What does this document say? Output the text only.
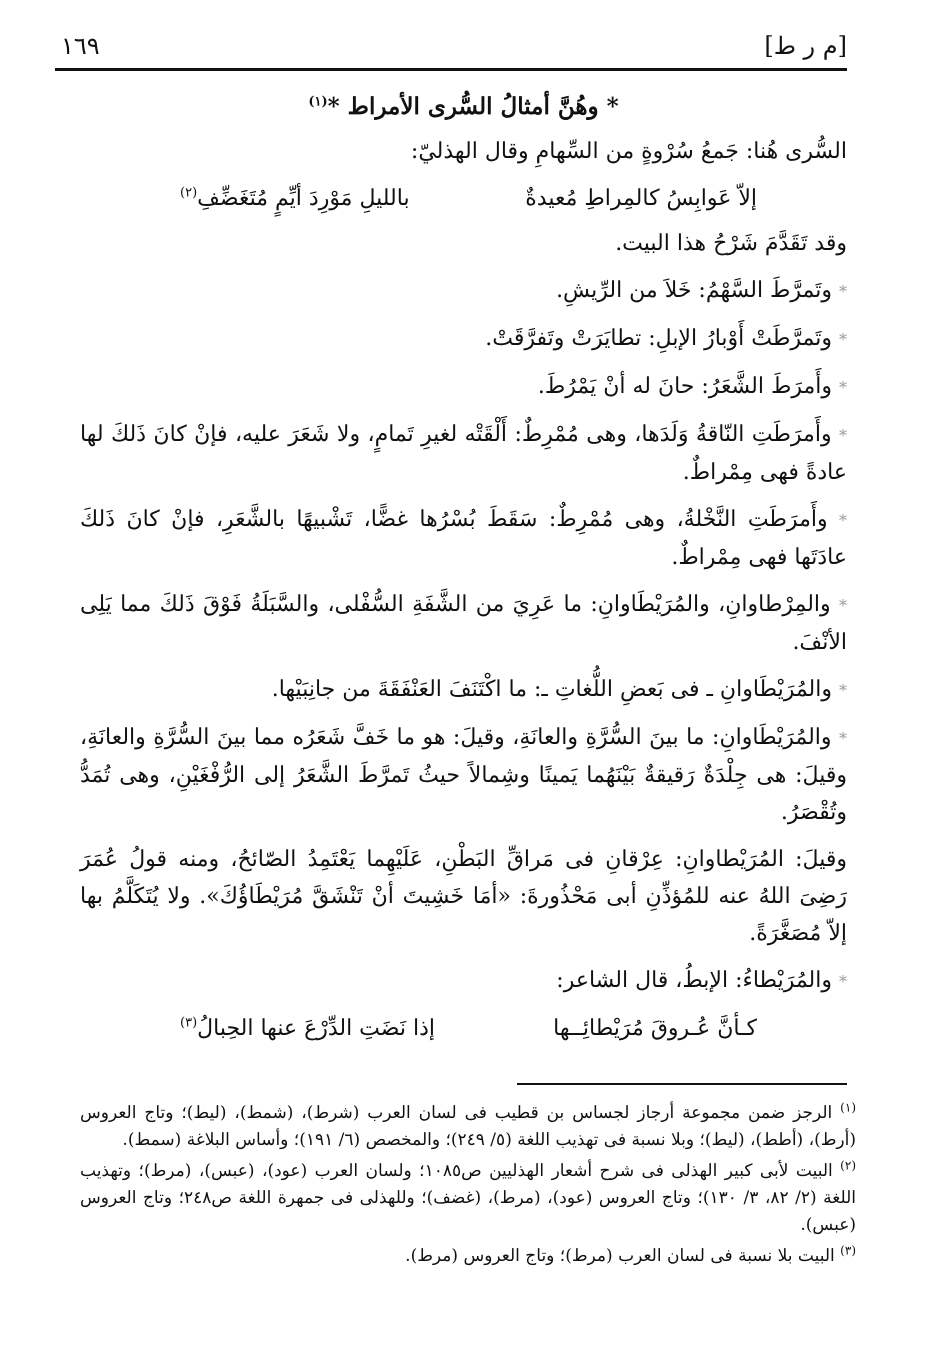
١٦٩	[م ر ط]
* وهُنَّ أمثالُ السُّرى الأمراط *$^{(١)}$
السُّرى هُنا: جَمعُ سُرْوةٍ من السِّهامِ وقال الهذليّ:
إلاّ عَوابِسُ كالمِراطِ مُعيدةٌ
بالليلِ مَوْرِدَ أيِّمٍ مُتَغَضِّفِ$^{(٢)}$
وقد تَقَدَّمَ شَرْحُ هذا البيت.
* وتَمرَّطَ السَّهْمُ: خَلاَ من الرِّيشِ.
* وتَمرَّطَتْ أَوْبارُ الإبلِ: تطايَرَتْ وتَفرَّقَتْ.
* وأَمرَطَ الشَّعَرُ: حانَ له أنْ يَمْرُطَ.
* وأَمرَطَتِ النّاقةُ وَلَدَها، وهى مُمْرِطٌ: أَلْقَتْه لغيرِ تَمامٍ، ولا شَعَرَ عليه، فإنْ كانَ ذَلكَ لها عادةً فهى مِمْراطٌ.
* وأَمرَطَتِ النَّخْلةُ، وهى مُمْرِطٌ: سَقَطَ بُسْرُها غضًّا، تَشْبيهًا بالشَّعَرِ، فإنْ كانَ ذَلكَ عادَتَها فهى مِمْراطٌ.
* والمِرْطاوانِ، والمُرَيْطَاوانِ: ما عَرِيَ من الشَّفَةِ السُّفْلى، والسَّبَلَةُ فَوْقَ ذَلكَ مما يَلِى الأنْفَ.
* والمُرَيْطَاوانِ ـ فى بَعضِ اللُّغاتِ ـ: ما اكْتَنَفَ العَنْفَقَةَ من جانِبَيْها.
* والمُرَيْطَاوانِ: ما بينَ السُّرَّةِ والعانَةِ، وقيلَ: هو ما خَفَّ شَعَرُه مما بينَ السُّرَّةِ والعانَةِ، وقيلَ: هى جِلْدَةٌ رَقيقةٌ بَيْنَهُما يَمينًا وشِمالاً حيثُ تَمرَّطَ الشَّعَرُ إلى الرُّفْغَيْنِ، وهى تُمَدُّ وتُقْصَرُ.
وقيلَ: المُرَيْطاوانِ: عِرْقانِ فى مَراقِّ البَطْنِ، عَلَيْهِما يَعْتَمِدُ الصّائحُ، ومنه قولُ عُمَرَ رَضِىَ اللهُ عنه للمُؤذِّنِ أبى مَحْذُورةَ: «أمَا خَشِيتَ أنْ تَنْشَقَّ مُرَيْطَاؤُكَ». ولا يُتَكَلَّمُ بها إلاّ مُصَغَّرَةً.
* والمُرَيْطاءُ: الإبطُ، قال الشاعر:
كـأنَّ عُـروقَ مُرَيْطائِــها
إذا نَضَتِ الدِّرْعَ عنها الحِبالُ$^{(٣)}$
$^{(١)}$ الرجز ضمن مجموعة أرجاز لجساس بن قطيب فى لسان العرب (شرط)، (شمط)، (ليط)؛ وتاج العروس (أرط)، (أطط)، (ليط)؛ وبلا نسبة فى تهذيب اللغة (٥/ ٢٤٩)؛ والمخصص (٦/ ١٩١)؛ وأساس البلاغة (سمط).
$^{(٢)}$ البيت لأبى كبير الهذلى فى شرح أشعار الهذليين ص١٠٨٥؛ ولسان العرب (عود)، (عبس)، (مرط)؛ وتهذيب اللغة (٢/ ٨٢، ٣/ ١٣٠)؛ وتاج العروس (عود)، (مرط)، (غضف)؛ وللهذلى فى جمهرة اللغة ص٢٤٨؛ وتاج العروس (عبس).
$^{(٣)}$ البيت بلا نسبة فى لسان العرب (مرط)؛ وتاج العروس (مرط).
